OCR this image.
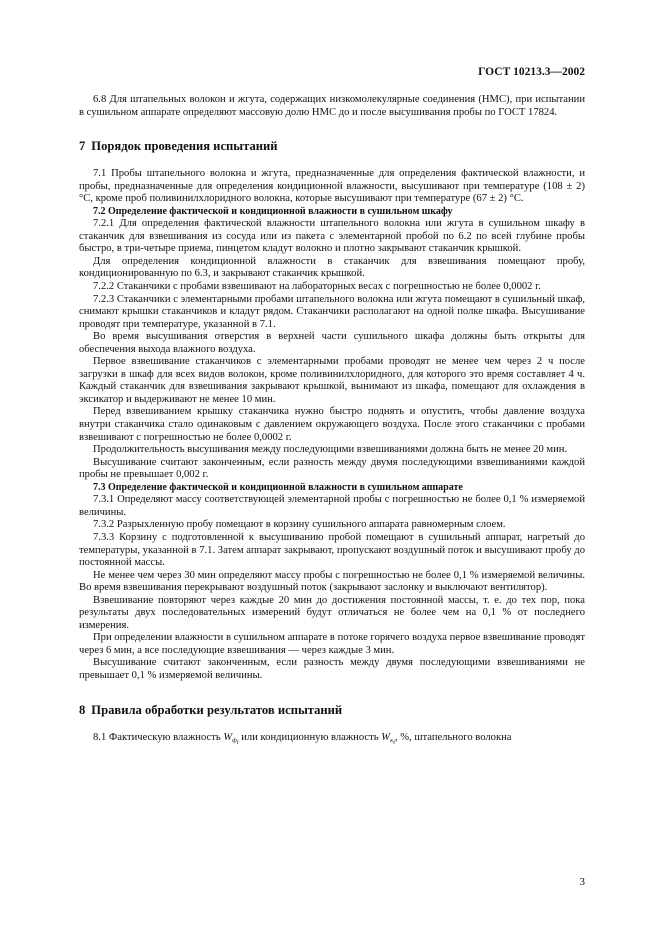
ГОСТ 10213.3—2002

6.8 Для штапельных волокон и жгута, содержащих низкомолекулярные соединения (НМС), при испытании в сушильном аппарате определяют массовую долю НМС до и после высушивания пробы по ГОСТ 17824.

7 Порядок проведения испытаний

7.1 Пробы штапельного волокна и жгута, предназначенные для определения фактической влажности, и пробы, предназначенные для определения кондиционной влажности, высушивают при температуре (108 ± 2) °С, кроме проб поливинилхлоридного волокна, которые высушивают при температуре (67 ± 2) °С.

7.2 Определение фактической и кондиционной влажности в сушильном шкафу

7.2.1 Для определения фактической влажности штапельного волокна или жгута в сушильном шкафу в стаканчик для взвешивания из сосуда или из пакета с элементарной пробой по 6.2 по всей глубине пробы быстро, в три-четыре приема, пинцетом кладут волокно и плотно закрывают стаканчик крышкой.

Для определения кондиционной влажности в стаканчик для взвешивания помещают пробу, кондиционированную по 6.3, и закрывают стаканчик крышкой.

7.2.2 Стаканчики с пробами взвешивают на лабораторных весах с погрешностью не более 0,0002 г.

7.2.3 Стаканчики с элементарными пробами штапельного волокна или жгута помещают в сушильный шкаф, снимают крышки стаканчиков и кладут рядом. Стаканчики располагают на одной полке шкафа. Высушивание проводят при температуре, указанной в 7.1.

Во время высушивания отверстия в верхней части сушильного шкафа должны быть открыты для обеспечения выхода влажного воздуха.

Первое взвешивание стаканчиков с элементарными пробами проводят не менее чем через 2 ч после загрузки в шкаф для всех видов волокон, кроме поливинилхлоридного, для которого это время составляет 4 ч. Каждый стаканчик для взвешивания закрывают крышкой, вынимают из шкафа, помещают для охлаждения в эксикатор и выдерживают не менее 10 мин.

Перед взвешиванием крышку стаканчика нужно быстро поднять и опустить, чтобы давление воздуха внутри стаканчика стало одинаковым с давлением окружающего воздуха. После этого стаканчики с пробами взвешивают с погрешностью не более 0,0002 г.

Продолжительность высушивания между последующими взвешиваниями должна быть не менее 20 мин.

Высушивание считают законченным, если разность между двумя последующими взвешиваниями каждой пробы не превышает 0,002 г.

7.3 Определение фактической и кондиционной влажности в сушильном аппарате

7.3.1 Определяют массу соответствующей элементарной пробы с погрешностью не более 0,1 % измеряемой величины.

7.3.2 Разрыхленную пробу помещают в корзину сушильного аппарата равномерным слоем.

7.3.3 Корзину с подготовленной к высушиванию пробой помещают в сушильный аппарат, нагретый до температуры, указанной в 7.1. Затем аппарат закрывают, пропускают воздушный поток и высушивают пробу до постоянной массы.

Не менее чем через 30 мин определяют массу пробы с погрешностью не более 0,1 % измеряемой величины. Во время взвешивания перекрывают воздушный поток (закрывают заслонку и выключают вентилятор).

Взвешивание повторяют через каждые 20 мин до достижения постоянной массы, т. е. до тех пор, пока результаты двух последовательных измерений будут отличаться не более чем на 0,1 % от последнего измерения.

При определении влажности в сушильном аппарате в потоке горячего воздуха первое взвешивание проводят через 6 мин, а все последующие взвешивания — через каждые 3 мин.

Высушивание считают законченным, если разность между двумя последующими взвешиваниями не превышает 0,1 % измеряемой величины.

8 Правила обработки результатов испытаний

8.1 Фактическую влажность $W_{ф_i}$ или кондиционную влажность $W_{к_i}$, %, штапельного волокна

3
